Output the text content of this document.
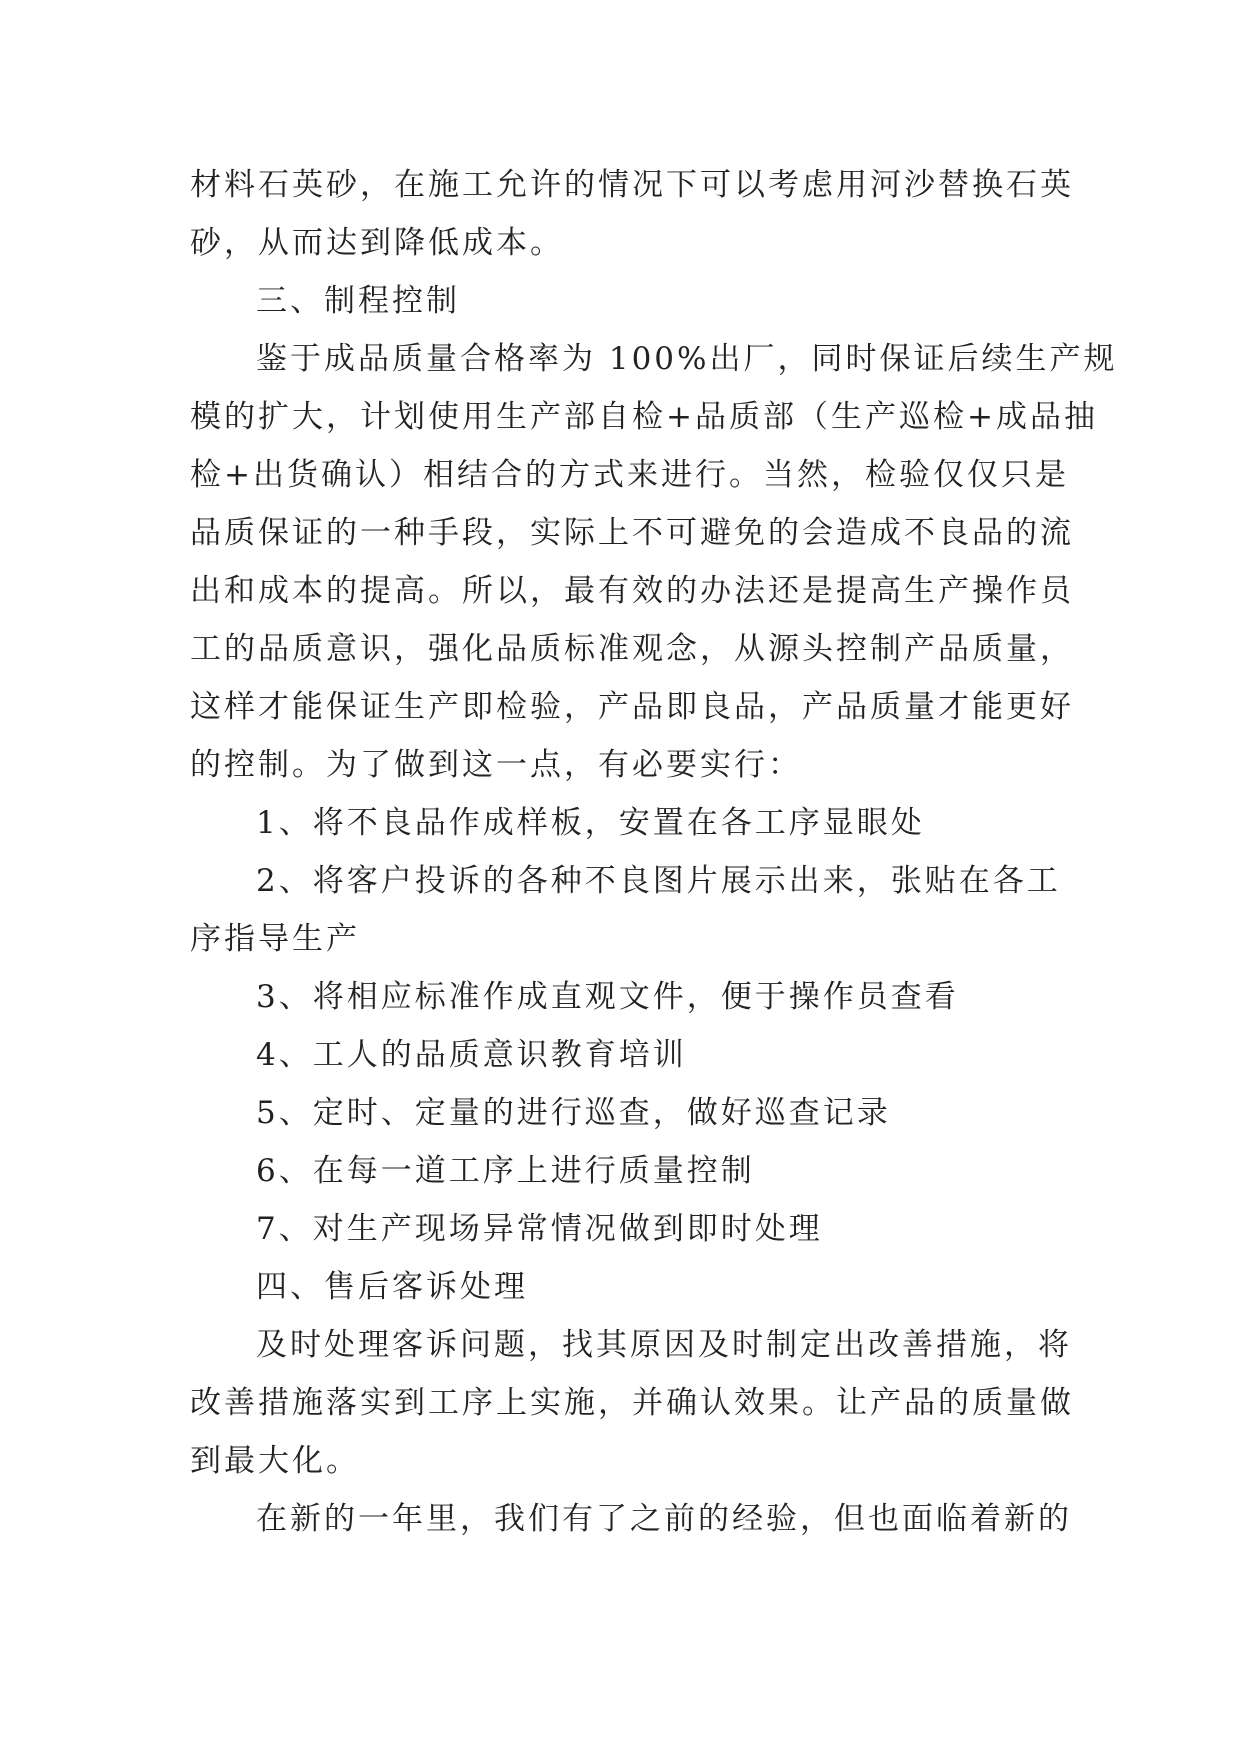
材料石英砂，在施工允许的情况下可以考虑用河沙替换石英
砂，从而达到降低成本。
三、制程控制
鉴于成品质量合格率为 100%出厂，同时保证后续生产规
模的扩大，计划使用生产部自检+品质部（生产巡检+成品抽
检+出货确认）相结合的方式来进行。当然，检验仅仅只是
品质保证的一种手段，实际上不可避免的会造成不良品的流
出和成本的提高。所以，最有效的办法还是提高生产操作员
工的品质意识，强化品质标准观念，从源头控制产品质量，
这样才能保证生产即检验，产品即良品，产品质量才能更好
的控制。为了做到这一点，有必要实行：
1、将不良品作成样板，安置在各工序显眼处
2、将客户投诉的各种不良图片展示出来，张贴在各工
序指导生产
3、将相应标准作成直观文件，便于操作员查看
4、工人的品质意识教育培训
5、定时、定量的进行巡查，做好巡查记录
6、在每一道工序上进行质量控制
7、对生产现场异常情况做到即时处理
四、售后客诉处理
及时处理客诉问题，找其原因及时制定出改善措施，将
改善措施落实到工序上实施，并确认效果。让产品的质量做
到最大化。
在新的一年里，我们有了之前的经验，但也面临着新的
